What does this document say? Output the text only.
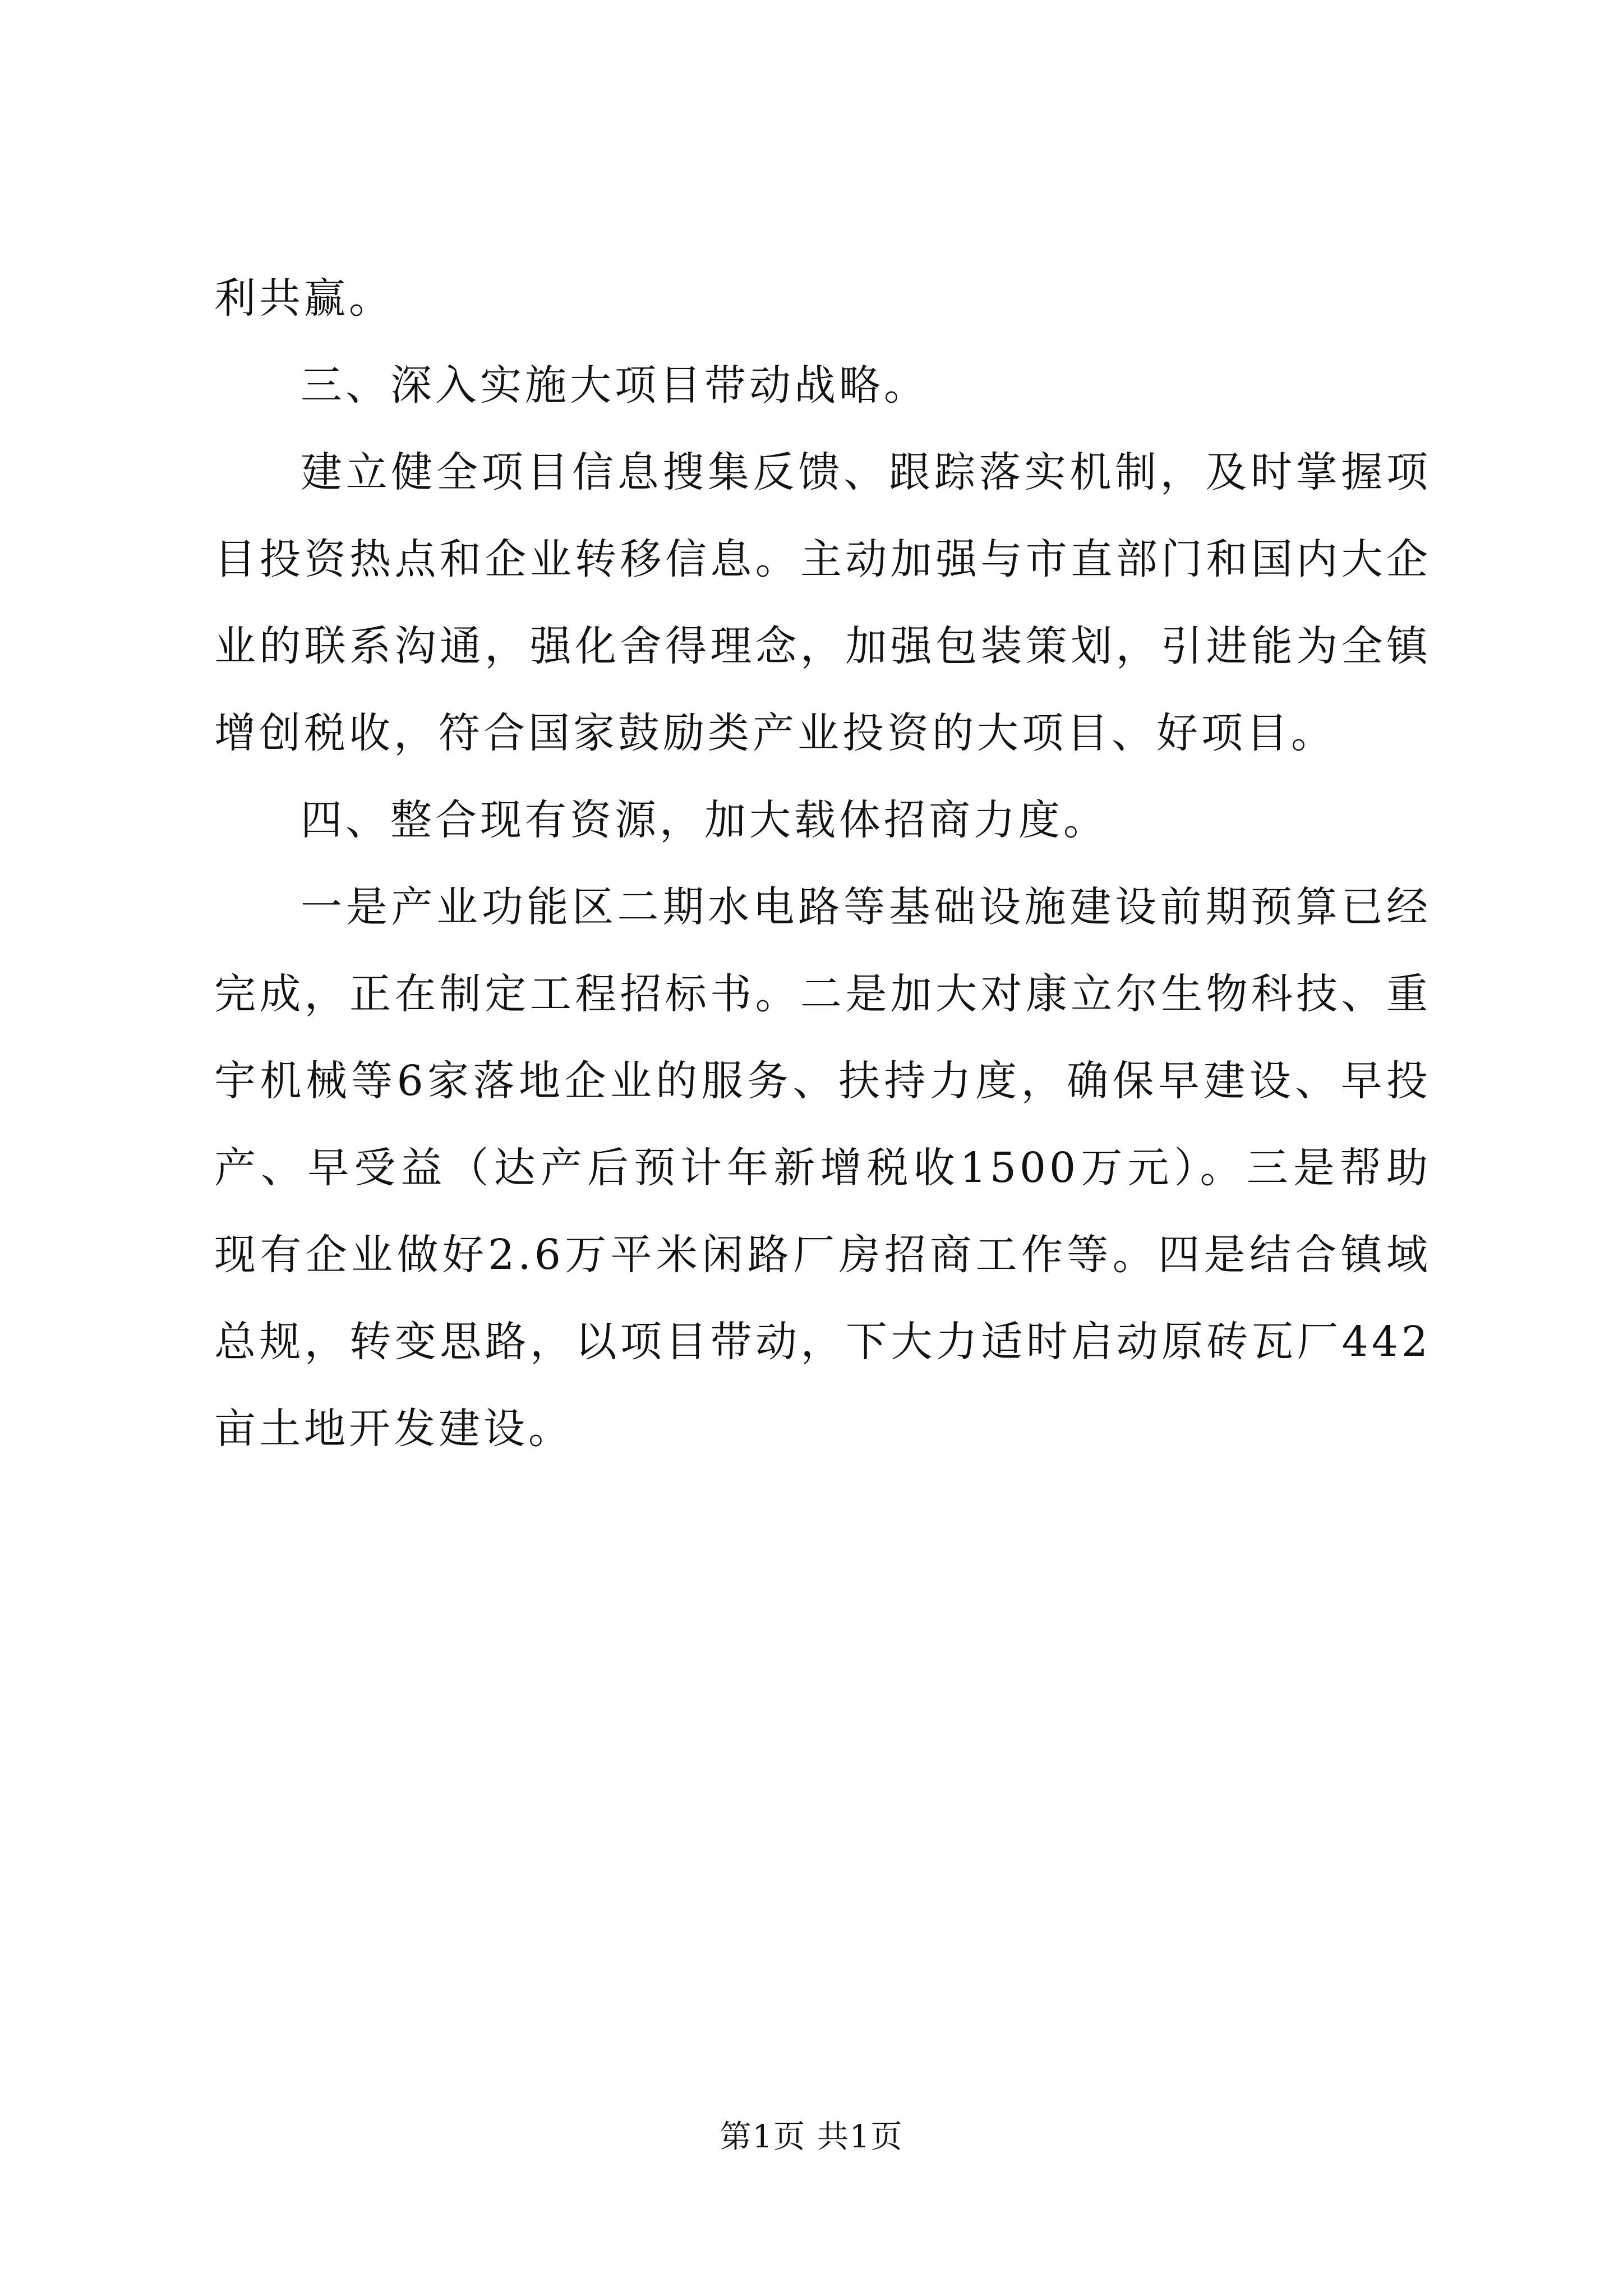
利共赢。

三、深入实施大项目带动战略。

建立健全项目信息搜集反馈、跟踪落实机制，及时掌握项目投资热点和企业转移信息。主动加强与市直部门和国内大企业的联系沟通，强化舍得理念，加强包装策划，引进能为全镇增创税收，符合国家鼓励类产业投资的大项目、好项目。

四、整合现有资源，加大载体招商力度。

一是产业功能区二期水电路等基础设施建设前期预算已经完成，正在制定工程招标书。二是加大对康立尔生物科技、重宇机械等6家落地企业的服务、扶持力度，确保早建设、早投产、早受益（达产后预计年新增税收1500万元）。三是帮助现有企业做好2.6万平米闲路厂房招商工作等。四是结合镇域总规，转变思路，以项目带动，下大力适时启动原砖瓦厂442亩土地开发建设。

第1页 共1页
